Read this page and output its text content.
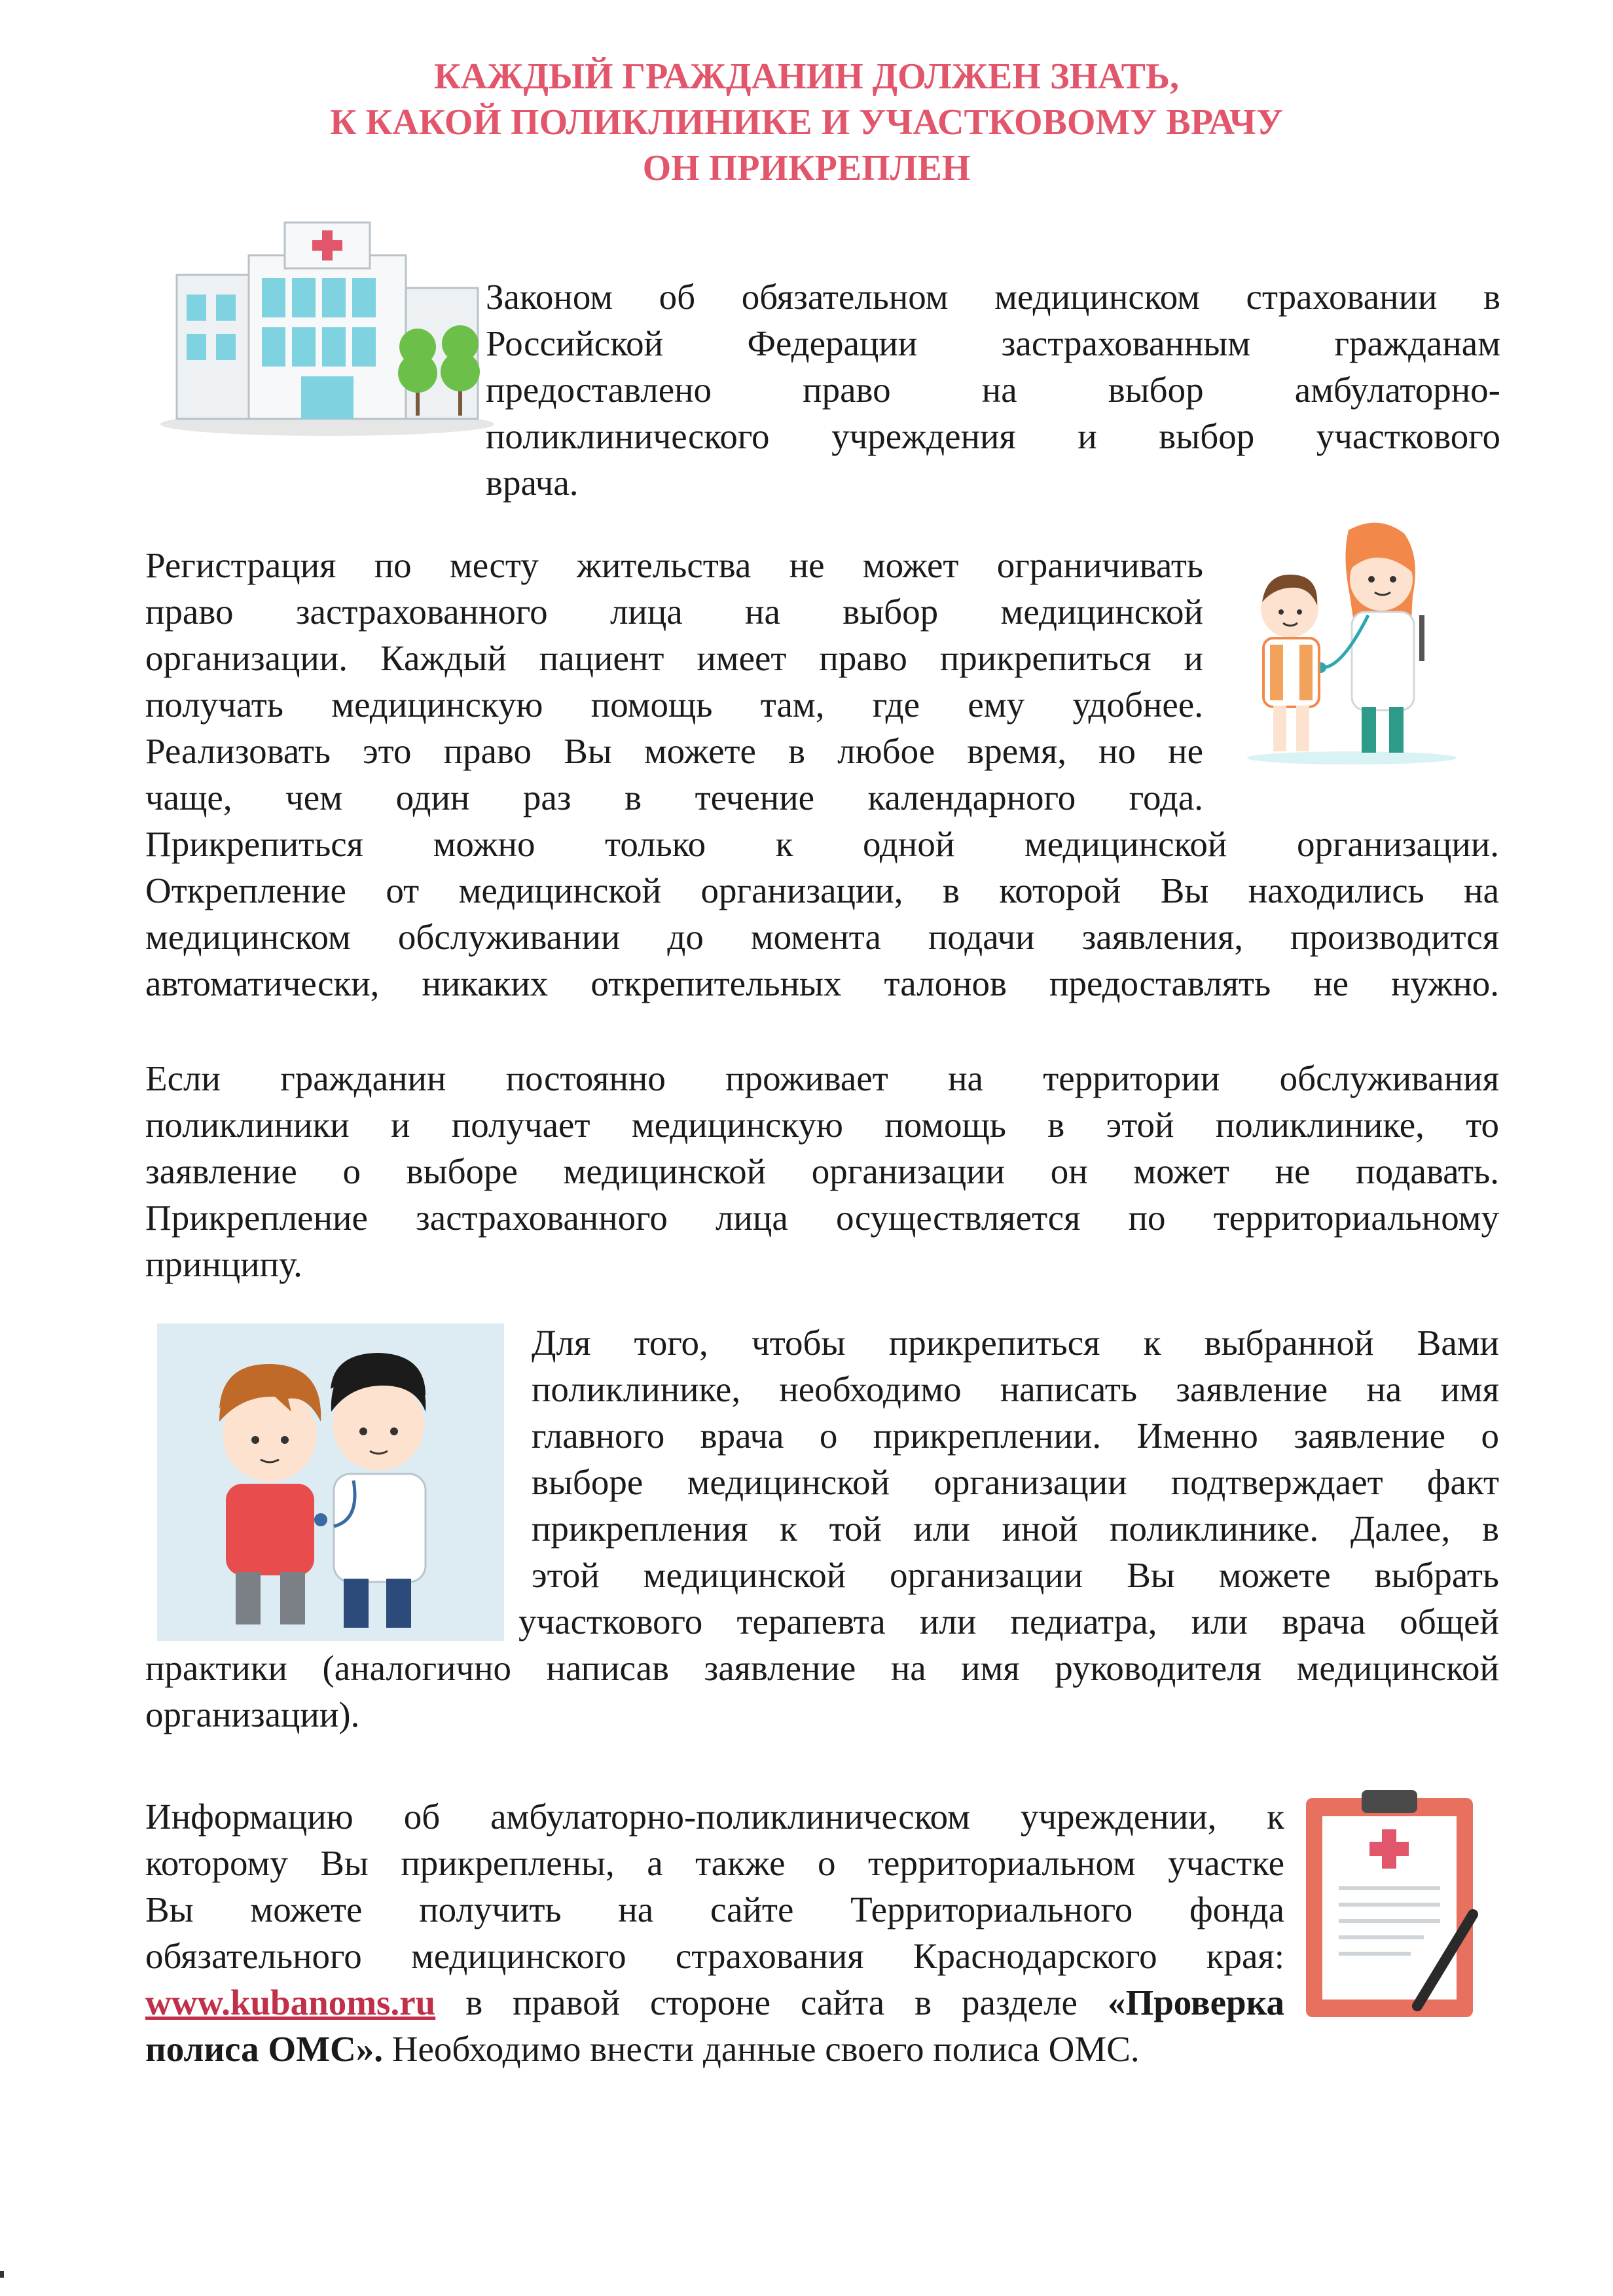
КАЖДЫЙ ГРАЖДАНИН ДОЛЖЕН ЗНАТЬ,
К КАКОЙ ПОЛИКЛИНИКЕ И УЧАСТКОВОМУ ВРАЧУ
ОН ПРИКРЕПЛЕН
Законом об обязательном медицинском страховании в
Российской Федерации застрахованным гражданам
предоставлено право на выбор амбулаторно-
поликлинического учреждения и выбор участкового
врача.
Регистрация по месту жительства не может ограничивать
право застрахованного лица на выбор медицинской
организации. Каждый пациент имеет право прикрепиться и
получать медицинскую помощь там, где ему удобнее.
Реализовать это право Вы можете в любое время, но не
чаще, чем один раз в течение календарного года.
Прикрепиться можно только к одной медицинской организации.
Открепление от медицинской организации, в которой Вы находились на
медицинском обслуживании до момента подачи заявления, производится
автоматически, никаких открепительных талонов предоставлять не нужно.
Если гражданин постоянно проживает на территории обслуживания
поликлиники и получает медицинскую помощь в этой поликлинике, то
заявление о выборе медицинской организации он может не подавать.
Прикрепление застрахованного лица осуществляется по территориальному
принципу.
Для того, чтобы прикрепиться к выбранной Вами
поликлинике, необходимо написать заявление на имя
главного врача о прикреплении. Именно заявление о
выборе медицинской организации подтверждает факт
прикрепления к той или иной поликлинике. Далее, в
этой медицинской организации Вы можете выбрать
участкового терапевта или педиатра, или врача общей
практики (аналогично написав заявление на имя руководителя медицинской
организации).
Информацию об амбулаторно-поликлиническом учреждении, к
которому Вы прикреплены, а также о территориальном участке
Вы можете получить на сайте Территориального фонда
обязательного медицинского страхования Краснодарского края:
www.kubanoms.ru в правой стороне сайта в разделе «Проверка
полиса ОМС». Необходимо внести данные своего полиса ОМС.
